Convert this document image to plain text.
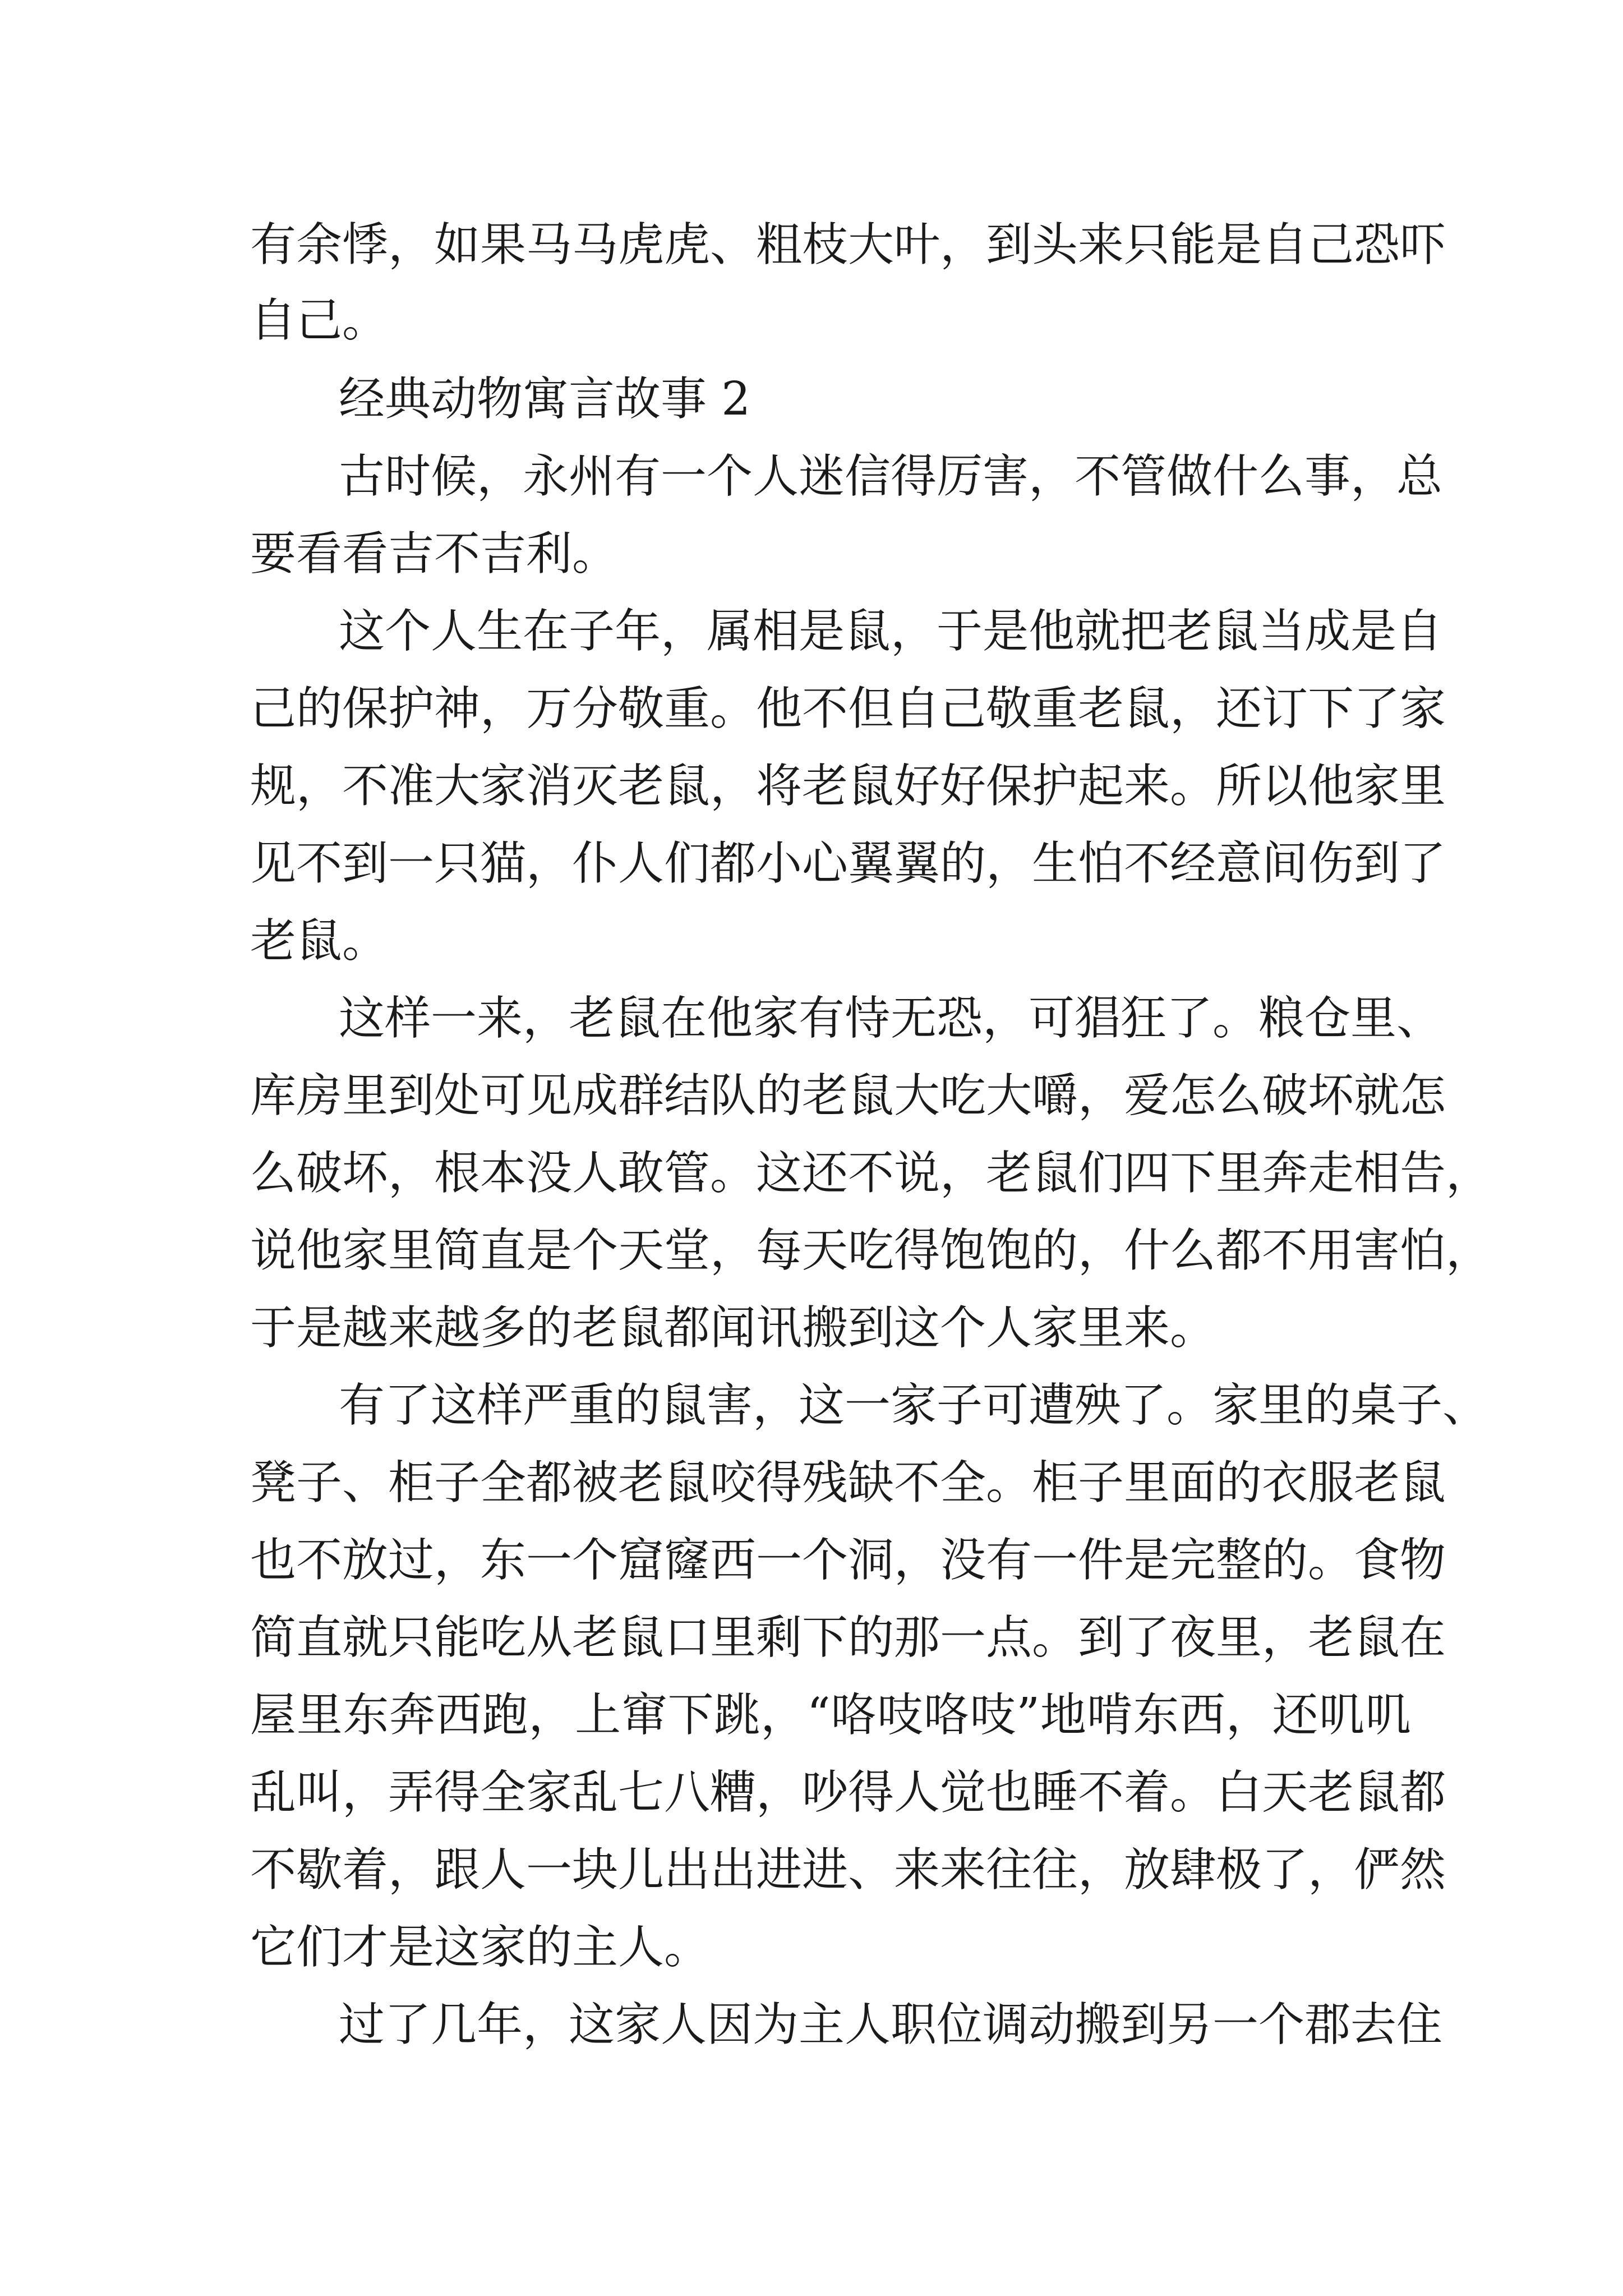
有余悸，如果马马虎虎、粗枝大叶，到头来只能是自己恐吓

自己。

经典动物寓言故事 2

古时候，永州有一个人迷信得厉害，不管做什么事，总

要看看吉不吉利。

这个人生在子年，属相是鼠，于是他就把老鼠当成是自

己的保护神，万分敬重。他不但自己敬重老鼠，还订下了家

规，不准大家消灭老鼠，将老鼠好好保护起来。所以他家里

见不到一只猫，仆人们都小心翼翼的，生怕不经意间伤到了

老鼠。

这样一来，老鼠在他家有恃无恐，可猖狂了。粮仓里、

库房里到处可见成群结队的老鼠大吃大嚼，爱怎么破坏就怎

么破坏，根本没人敢管。这还不说，老鼠们四下里奔走相告，

说他家里简直是个天堂，每天吃得饱饱的，什么都不用害怕，

于是越来越多的老鼠都闻讯搬到这个人家里来。

有了这样严重的鼠害，这一家子可遭殃了。家里的桌子、

凳子、柜子全都被老鼠咬得残缺不全。柜子里面的衣服老鼠

也不放过，东一个窟窿西一个洞，没有一件是完整的。食物

简直就只能吃从老鼠口里剩下的那一点。到了夜里，老鼠在

屋里东奔西跑，上窜下跳，“咯吱咯吱”地啃东西，还叽叽

乱叫，弄得全家乱七八糟，吵得人觉也睡不着。白天老鼠都

不歇着，跟人一块儿出出进进、来来往往，放肆极了，俨然

它们才是这家的主人。

过了几年，这家人因为主人职位调动搬到另一个郡去住
